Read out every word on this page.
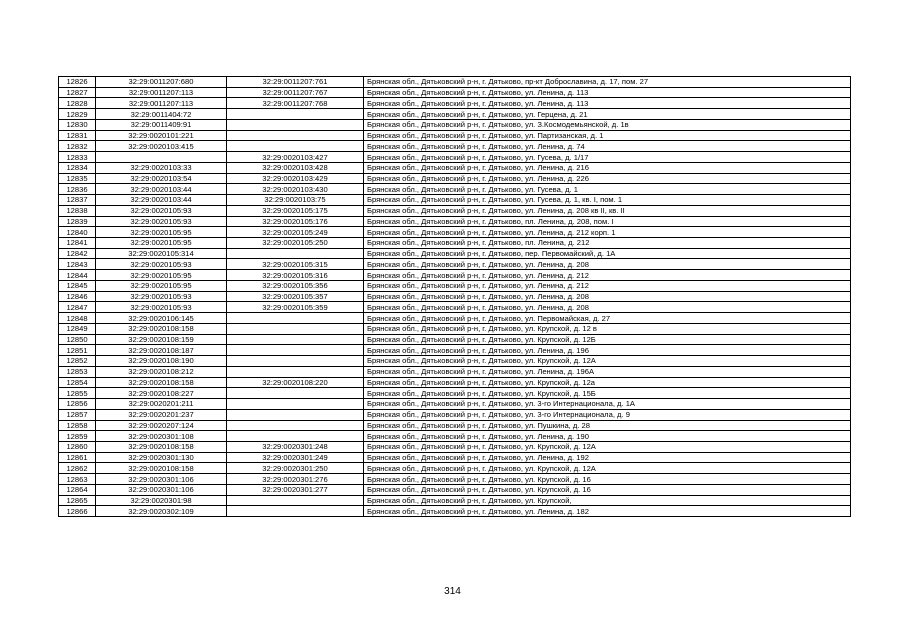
12826	32:29:0011207:680	32:29:0011207:761	Брянская обл., Дятьковский р-н, г. Дятьково, пр-кт Доброславина, д. 17, пом. 27
12827	32:29:0011207:113	32:29:0011207:767	Брянская обл., Дятьковский р-н, г. Дятьково, ул. Ленина, д. 113
12828	32:29:0011207:113	32:29:0011207:768	Брянская обл., Дятьковский р-н, г. Дятьково, ул. Ленина, д. 113
12829	32:29:0011404:72		Брянская обл., Дятьковский р-н, г. Дятьково, ул. Герцена, д. 21
12830	32:29:0011409:91		Брянская обл., Дятьковский р-н, г. Дятьково, ул. З.Космодемьянской, д. 1в
12831	32:29:0020101:221		Брянская обл., Дятьковский р-н, г. Дятьково, ул. Партизанская, д. 1
12832	32:29:0020103:415		Брянская обл., Дятьковский р-н, г. Дятьково, ул. Ленина, д. 74
12833		32:29:0020103:427	Брянская обл., Дятьковский р-н, г. Дятьково, ул. Гусева, д. 1/17
12834	32:29:0020103:33	32:29:0020103:428	Брянская обл., Дятьковский р-н, г. Дятьково, ул. Ленина, д. 216
12835	32:29:0020103:54	32:29:0020103:429	Брянская обл., Дятьковский р-н, г. Дятьково, ул. Ленина, д. 226
12836	32:29:0020103:44	32:29:0020103:430	Брянская обл., Дятьковский р-н, г. Дятьково, ул. Гусева, д. 1
12837	32:29:0020103:44	32:29:0020103:75	Брянская обл., Дятьковский р-н, г. Дятьково, ул. Гусева, д. 1, кв. I, пом. 1
12838	32:29:0020105:93	32:29:0020105:175	Брянская обл., Дятьковский р-н, г. Дятьково, ул. Ленина, д. 208 кв II, кв. II
12839	32:29:0020105:93	32:29:0020105:176	Брянская обл., Дятьковский р-н, г. Дятьково, пл. Ленина, д. 208, пом. I
12840	32:29:0020105:95	32:29:0020105:249	Брянская обл., Дятьковский р-н, г. Дятьково, ул. Ленина, д. 212 корп. 1
12841	32:29:0020105:95	32:29:0020105:250	Брянская обл., Дятьковский р-н, г. Дятьково, пл. Ленина, д. 212
12842	32:29:0020105:314		Брянская обл., Дятьковский р-н, г. Дятьково, пер. Первомайский, д. 1А
12843	32:29:0020105:93	32:29:0020105:315	Брянская обл., Дятьковский р-н, г. Дятьково, ул. Ленина, д. 208
12844	32:29:0020105:95	32:29:0020105:316	Брянская обл., Дятьковский р-н, г. Дятьково, ул. Ленина, д. 212
12845	32:29:0020105:95	32:29:0020105:356	Брянская обл., Дятьковский р-н, г. Дятьково, ул. Ленина, д. 212
12846	32:29:0020105:93	32:29:0020105:357	Брянская обл., Дятьковский р-н, г. Дятьково, ул. Ленина, д. 208
12847	32:29:0020105:93	32:29:0020105:359	Брянская обл., Дятьковский р-н, г. Дятьково, ул. Ленина, д. 208
12848	32:29:0020106:145		Брянская обл., Дятьковский р-н, г. Дятьково, ул. Первомайская, д. 27
12849	32:29:0020108:158		Брянская обл., Дятьковский р-н, г. Дятьково, ул. Крупской, д. 12 в
12850	32:29:0020108:159		Брянская обл., Дятьковский р-н, г. Дятьково, ул. Крупской, д. 12Б
12851	32:29:0020108:187		Брянская обл., Дятьковский р-н, г. Дятьково, ул. Ленина, д. 196
12852	32:29:0020108:190		Брянская обл., Дятьковский р-н, г. Дятьково, ул. Крупской, д. 12А
12853	32:29:0020108:212		Брянская обл., Дятьковский р-н, г. Дятьково, ул. Ленина, д. 196А
12854	32:29:0020108:158	32:29:0020108:220	Брянская обл., Дятьковский р-н, г. Дятьково, ул. Крупской, д. 12а
12855	32:29:0020108:227		Брянская обл., Дятьковский р-н, г. Дятьково, ул. Крупской, д. 15Б
12856	32:29:0020201:211		Брянская обл., Дятьковский р-н, г. Дятьково, ул. 3-го Интернационала, д. 1А
12857	32:29:0020201:237		Брянская обл., Дятьковский р-н, г. Дятьково, ул. 3-го Интернационала, д. 9
12858	32:29:0020207:124		Брянская обл., Дятьковский р-н, г. Дятьково, ул. Пушкина, д. 28
12859	32:29:0020301:108		Брянская обл., Дятьковский р-н, г. Дятьково, ул. Ленина, д. 190
12860	32:29:0020108:158	32:29:0020301:248	Брянская обл., Дятьковский р-н, г. Дятьково, ул. Крупской, д. 12А
12861	32:29:0020301:130	32:29:0020301:249	Брянская обл., Дятьковский р-н, г. Дятьково, ул. Ленина, д. 192
12862	32:29:0020108:158	32:29:0020301:250	Брянская обл., Дятьковский р-н, г. Дятьково, ул. Крупской, д. 12А
12863	32:29:0020301:106	32:29:0020301:276	Брянская обл., Дятьковский р-н, г. Дятьково, ул. Крупской, д. 16
12864	32:29:0020301:106	32:29:0020301:277	Брянская обл., Дятьковский р-н, г. Дятьково, ул. Крупской, д. 16
12865	32:29:0020301:98		Брянская обл., Дятьковский р-н, г. Дятьково, ул. Крупской,
12866	32:29:0020302:109		Брянская обл., Дятьковский р-н, г. Дятьково, ул. Ленина, д. 182
314
